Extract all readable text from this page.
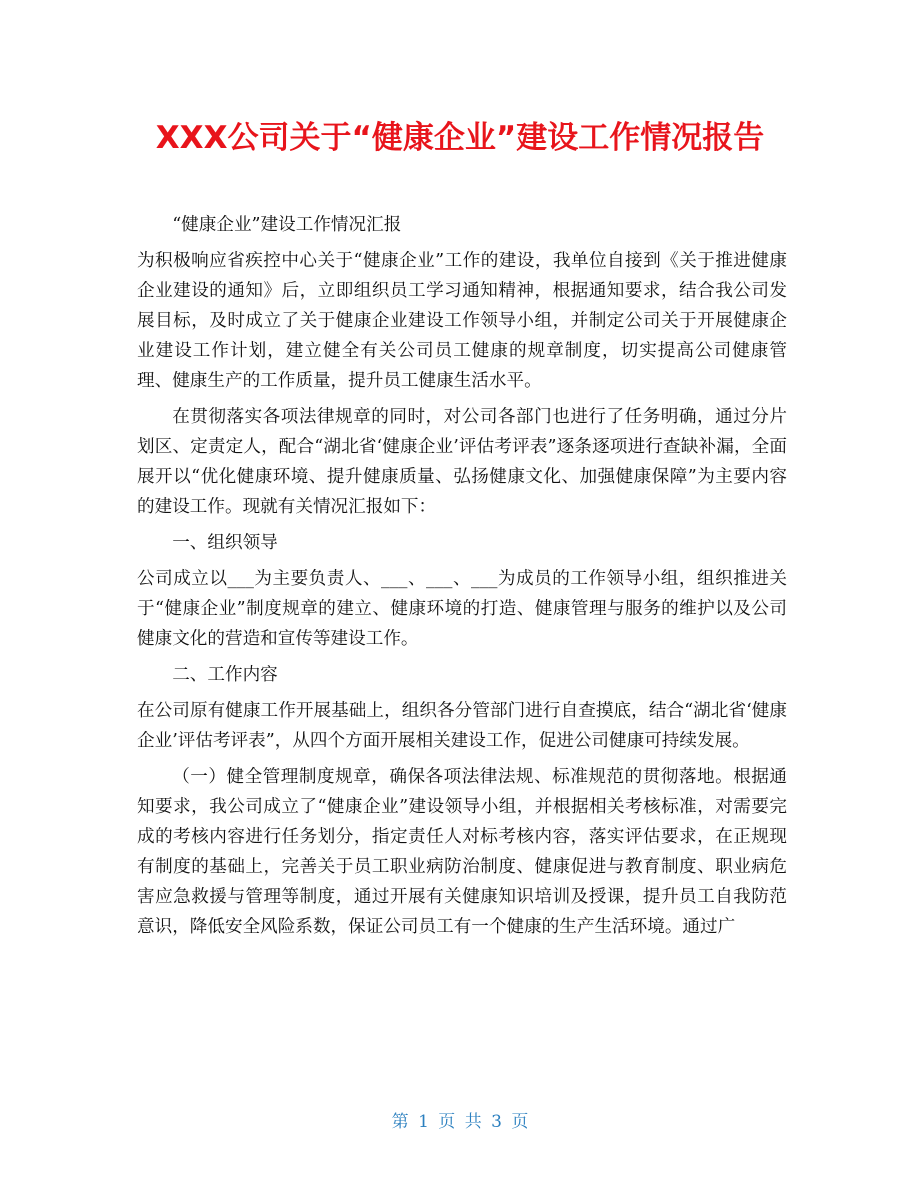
XXX公司关于“健康企业”建设工作情况报告

“健康企业”建设工作情况汇报

为积极响应省疾控中心关于“健康企业”工作的建设，我单位自接到《关于推进健康企业建设的通知》后，立即组织员工学习通知精神，根据通知要求，结合我公司发展目标，及时成立了关于健康企业建设工作领导小组，并制定公司关于开展健康企业建设工作计划，建立健全有关公司员工健康的规章制度，切实提高公司健康管理、健康生产的工作质量，提升员工健康生活水平。

在贯彻落实各项法律规章的同时，对公司各部门也进行了任务明确，通过分片划区、定责定人，配合“湖北省‘健康企业’评估考评表”逐条逐项进行查缺补漏，全面展开以“优化健康环境、提升健康质量、弘扬健康文化、加强健康保障”为主要内容的建设工作。现就有关情况汇报如下：

一、组织领导

公司成立以___为主要负责人、___、___、___为成员的工作领导小组，组织推进关于“健康企业”制度规章的建立、健康环境的打造、健康管理与服务的维护以及公司健康文化的营造和宣传等建设工作。

二、工作内容

在公司原有健康工作开展基础上，组织各分管部门进行自查摸底，结合“湖北省‘健康企业’评估考评表”，从四个方面开展相关建设工作，促进公司健康可持续发展。

（一）健全管理制度规章，确保各项法律法规、标准规范的贯彻落地。根据通知要求，我公司成立了“健康企业”建设领导小组，并根据相关考核标准，对需要完成的考核内容进行任务划分，指定责任人对标考核内容，落实评估要求，在正规现有制度的基础上，完善关于员工职业病防治制度、健康促进与教育制度、职业病危害应急救援与管理等制度，通过开展有关健康知识培训及授课，提升员工自我防范意识，降低安全风险系数，保证公司员工有一个健康的生产生活环境。通过广

第 1 页 共 3 页
